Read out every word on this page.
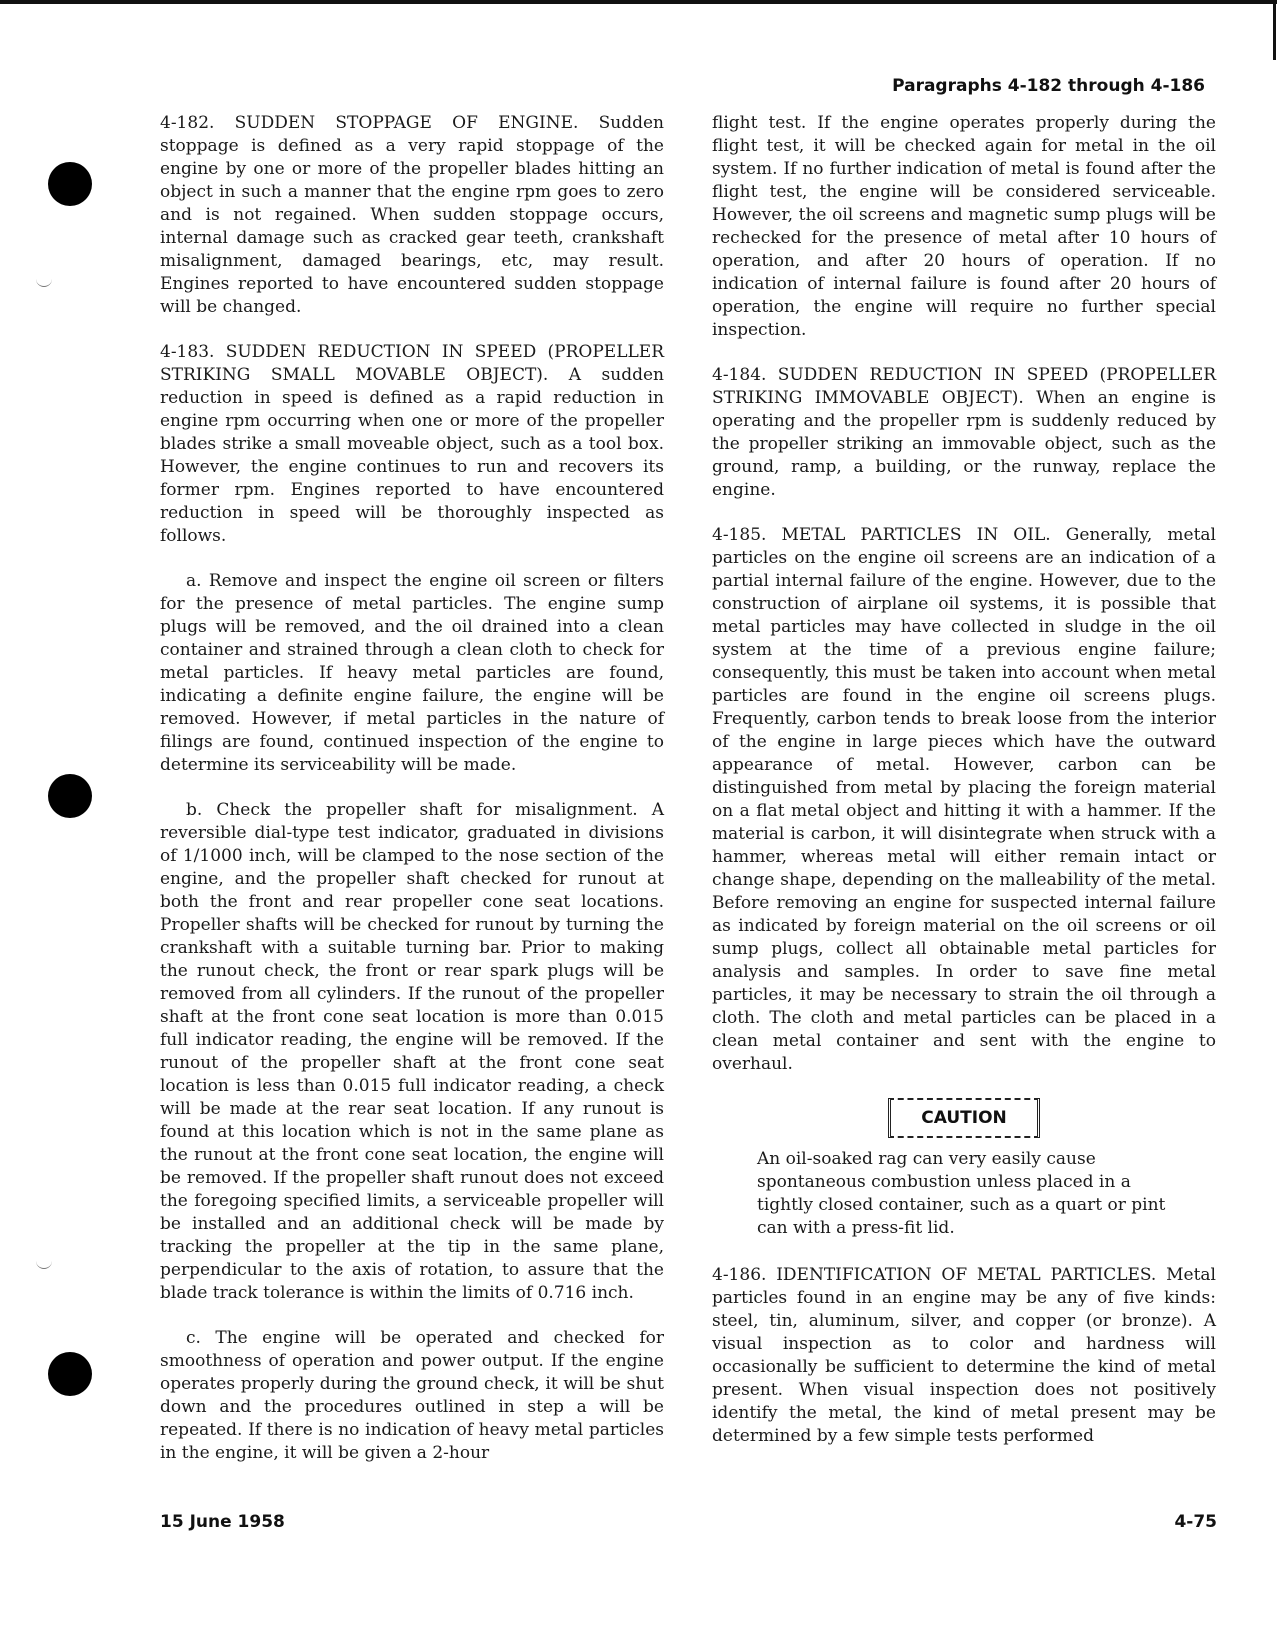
Paragraphs 4-182 through 4-186

4-182. SUDDEN STOPPAGE OF ENGINE. Sudden stoppage is defined as a very rapid stoppage of the engine by one or more of the propeller blades hitting an object in such a manner that the engine rpm goes to zero and is not regained. When sudden stoppage occurs, internal damage such as cracked gear teeth, crankshaft misalignment, damaged bearings, etc, may result. Engines reported to have encountered sudden stoppage will be changed.

4-183. SUDDEN REDUCTION IN SPEED (PROPELLER STRIKING SMALL MOVABLE OBJECT). A sudden reduction in speed is defined as a rapid reduction in engine rpm occurring when one or more of the propeller blades strike a small moveable object, such as a tool box. However, the engine continues to run and recovers its former rpm. Engines reported to have encountered reduction in speed will be thoroughly inspected as follows.

a. Remove and inspect the engine oil screen or filters for the presence of metal particles. The engine sump plugs will be removed, and the oil drained into a clean container and strained through a clean cloth to check for metal particles. If heavy metal particles are found, indicating a definite engine failure, the engine will be removed. However, if metal particles in the nature of filings are found, continued inspection of the engine to determine its serviceability will be made.

b. Check the propeller shaft for misalignment. A reversible dial-type test indicator, graduated in divisions of 1/1000 inch, will be clamped to the nose section of the engine, and the propeller shaft checked for runout at both the front and rear propeller cone seat locations. Propeller shafts will be checked for runout by turning the crankshaft with a suitable turning bar. Prior to making the runout check, the front or rear spark plugs will be removed from all cylinders. If the runout of the propeller shaft at the front cone seat location is more than 0.015 full indicator reading, the engine will be removed. If the runout of the propeller shaft at the front cone seat location is less than 0.015 full indicator reading, a check will be made at the rear seat location. If any runout is found at this location which is not in the same plane as the runout at the front cone seat location, the engine will be removed. If the propeller shaft runout does not exceed the foregoing specified limits, a serviceable propeller will be installed and an additional check will be made by tracking the propeller at the tip in the same plane, perpendicular to the axis of rotation, to assure that the blade track tolerance is within the limits of 0.716 inch.

c. The engine will be operated and checked for smoothness of operation and power output. If the engine operates properly during the ground check, it will be shut down and the procedures outlined in step a will be repeated. If there is no indication of heavy metal particles in the engine, it will be given a 2-hour

flight test. If the engine operates properly during the flight test, it will be checked again for metal in the oil system. If no further indication of metal is found after the flight test, the engine will be considered serviceable. However, the oil screens and magnetic sump plugs will be rechecked for the presence of metal after 10 hours of operation, and after 20 hours of operation. If no indication of internal failure is found after 20 hours of operation, the engine will require no further special inspection.

4-184. SUDDEN REDUCTION IN SPEED (PROPELLER STRIKING IMMOVABLE OBJECT). When an engine is operating and the propeller rpm is suddenly reduced by the propeller striking an immovable object, such as the ground, ramp, a building, or the runway, replace the engine.

4-185. METAL PARTICLES IN OIL. Generally, metal particles on the engine oil screens are an indication of a partial internal failure of the engine. However, due to the construction of airplane oil systems, it is possible that metal particles may have collected in sludge in the oil system at the time of a previous engine failure; consequently, this must be taken into account when metal particles are found in the engine oil screens plugs. Frequently, carbon tends to break loose from the interior of the engine in large pieces which have the outward appearance of metal. However, carbon can be distinguished from metal by placing the foreign material on a flat metal object and hitting it with a hammer. If the material is carbon, it will disintegrate when struck with a hammer, whereas metal will either remain intact or change shape, depending on the malleability of the metal. Before removing an engine for suspected internal failure as indicated by foreign material on the oil screens or oil sump plugs, collect all obtainable metal particles for analysis and samples. In order to save fine metal particles, it may be necessary to strain the oil through a cloth. The cloth and metal particles can be placed in a clean metal container and sent with the engine to overhaul.

CAUTION

An oil-soaked rag can very easily cause spontaneous combustion unless placed in a tightly closed container, such as a quart or pint can with a press-fit lid.

4-186. IDENTIFICATION OF METAL PARTICLES. Metal particles found in an engine may be any of five kinds: steel, tin, aluminum, silver, and copper (or bronze). A visual inspection as to color and hardness will occasionally be sufficient to determine the kind of metal present. When visual inspection does not positively identify the metal, the kind of metal present may be determined by a few simple tests performed

15 June 1958	4-75
